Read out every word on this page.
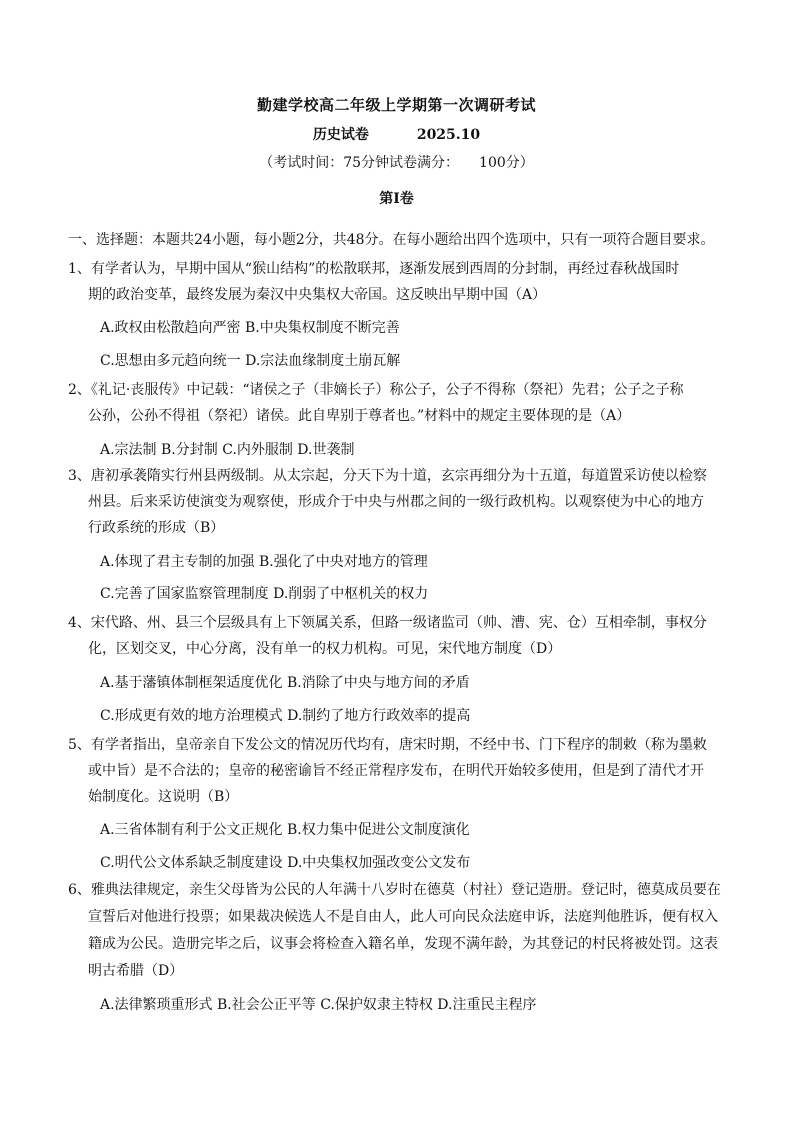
勤建学校高二年级上学期第一次调研考试
历史试卷	2025.10
（考试时间：75分钟试卷满分： 100分）
第Ⅰ卷
一、选择题：本题共24小题，每小题2分，共48分。在每小题给出四个选项中，只有一项符合题目要求。
1、有学者认为，早期中国从“猴山结构”的松散联邦，逐渐发展到西周的分封制，再经过春秋战国时
期的政治变革，最终发展为秦汉中央集权大帝国。这反映出早期中国（A）
A.政权由松散趋向严密 B.中央集权制度不断完善
C.思想由多元趋向统一 D.宗法血缘制度土崩瓦解
2、《礼记·丧服传》中记载：“诸侯之子（非嫡长子）称公子，公子不得称（祭祀）先君；公子之子称
公孙，公孙不得祖（祭祀）诸侯。此自卑别于尊者也。”材料中的规定主要体现的是（A）
A.宗法制 B.分封制 C.内外服制 D.世袭制
3、唐初承袭隋实行州县两级制。从太宗起，分天下为十道，玄宗再细分为十五道，每道置采访使以检察
州县。后来采访使演变为观察使，形成介于中央与州郡之间的一级行政机构。以观察使为中心的地方
行政系统的形成（B）
A.体现了君主专制的加强 B.强化了中央对地方的管理
C.完善了国家监察管理制度 D.削弱了中枢机关的权力
4、宋代路、州、县三个层级具有上下领属关系，但路一级诸监司（帅、漕、宪、仓）互相牵制，事权分
化，区划交叉，中心分离，没有单一的权力机构。可见，宋代地方制度（D）
A.基于藩镇体制框架适度优化 B.消除了中央与地方间的矛盾
C.形成更有效的地方治理模式 D.制约了地方行政效率的提高
5、有学者指出，皇帝亲自下发公文的情况历代均有，唐宋时期，不经中书、门下程序的制敕（称为墨敕
或中旨）是不合法的；皇帝的秘密谕旨不经正常程序发布，在明代开始较多使用，但是到了清代才开
始制度化。这说明（B）
A.三省体制有利于公文正规化 B.权力集中促进公文制度演化
C.明代公文体系缺乏制度建设 D.中央集权加强改变公文发布
6、雅典法律规定，亲生父母皆为公民的人年满十八岁时在德莫（村社）登记造册。登记时，德莫成员要在
宣誓后对他进行投票；如果裁决候选人不是自由人，此人可向民众法庭申诉，法庭判他胜诉，便有权入
籍成为公民。造册完毕之后，议事会将检查入籍名单，发现不满年龄，为其登记的村民将被处罚。这表
明古希腊（D）
A.法律繁琐重形式 B.社会公正平等 C.保护奴隶主特权 D.注重民主程序
